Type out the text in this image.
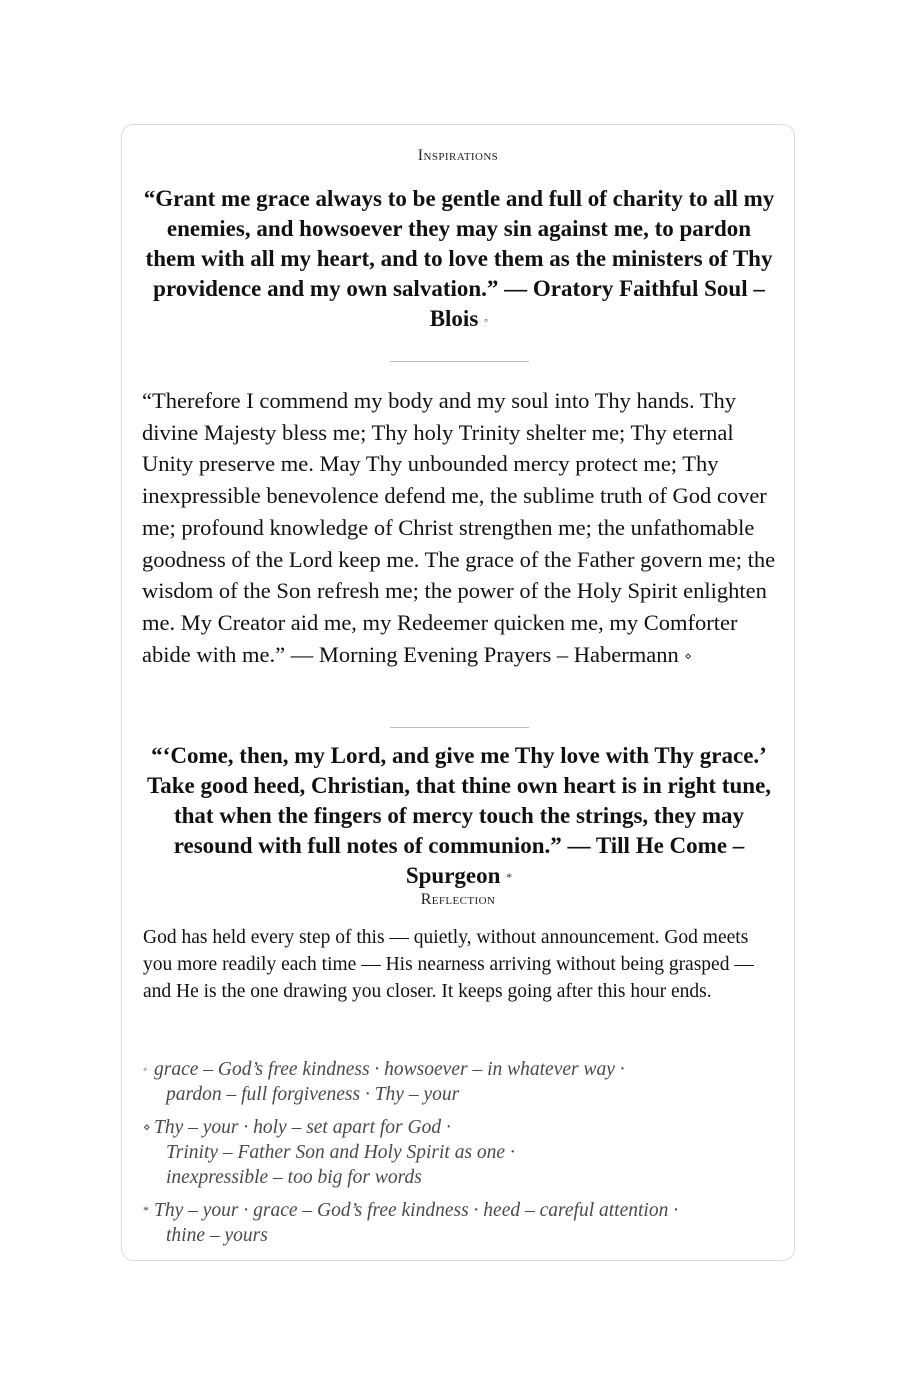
Inspirations

“Grant me grace always to be gentle and full of charity to all my enemies, and howsoever they may sin against me, to pardon them with all my heart, and to love them as the ministers of Thy providence and my own salvation.” — Oratory Faithful Soul – Blois ◦

“Therefore I commend my body and my soul into Thy hands. Thy divine Majesty bless me; Thy holy Trinity shelter me; Thy eternal Unity preserve me. May Thy unbounded mercy protect me; Thy inexpressible benevolence defend me, the sublime truth of God cover me; profound knowledge of Christ strengthen me; the unfathomable goodness of the Lord keep me. The grace of the Father govern me; the wisdom of the Son refresh me; the power of the Holy Spirit enlighten me. My Creator aid me, my Redeemer quicken me, my Comforter abide with me.” — Morning Evening Prayers – Habermann ⋄

“‘Come, then, my Lord, and give me Thy love with Thy grace.’ Take good heed, Christian, that thine own heart is in right tune, that when the fingers of mercy touch the strings, they may resound with full notes of communion.” — Till He Come – Spurgeon *

Reflection

God has held every step of this — quietly, without announcement. God meets you more readily each time — His nearness arriving without being grasped — and He is the one drawing you closer. It keeps going after this hour ends.

◦ grace – God’s free kindness · howsoever – in whatever way ·
pardon – full forgiveness · Thy – your
⋄ Thy – your · holy – set apart for God ·
Trinity – Father Son and Holy Spirit as one ·
inexpressible – too big for words
* Thy – your · grace – God’s free kindness · heed – careful attention ·
thine – yours
